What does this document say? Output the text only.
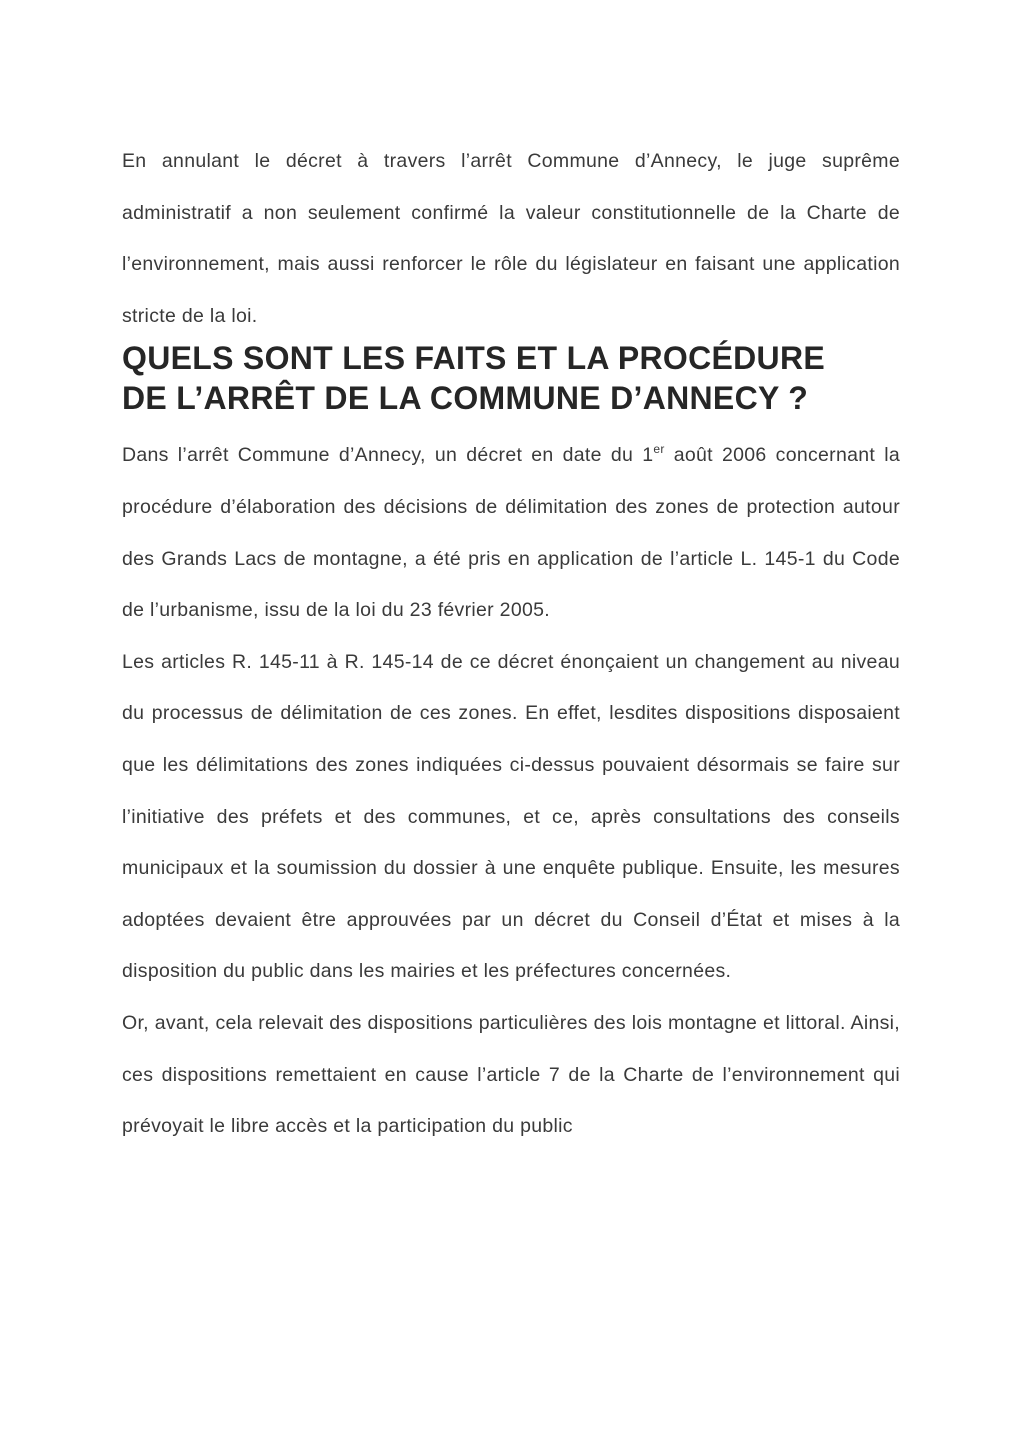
En annulant le décret à travers l’arrêt Commune d’Annecy, le juge suprême administratif a non seulement confirmé la valeur constitutionnelle de la Charte de l’environnement, mais aussi renforcer le rôle du législateur en faisant une application stricte de la loi.

QUELS SONT LES FAITS ET LA PROCÉDURE
DE L’ARRÊT DE LA COMMUNE D’ANNECY ?

Dans l’arrêt Commune d’Annecy, un décret en date du 1er août 2006 concernant la procédure d’élaboration des décisions de délimitation des zones de protection autour des Grands Lacs de montagne, a été pris en application de l’article L. 145-1 du Code de l’urbanisme, issu de la loi du 23 février 2005.

Les articles R. 145-11 à R. 145-14 de ce décret énonçaient un changement au niveau du processus de délimitation de ces zones. En effet, lesdites dispositions disposaient que les délimitations des zones indiquées ci-dessus pouvaient désormais se faire sur l’initiative des préfets et des communes, et ce, après consultations des conseils municipaux et la soumission du dossier à une enquête publique. Ensuite, les mesures adoptées devaient être approuvées par un décret du Conseil d’État et mises à la disposition du public dans les mairies et les préfectures concernées.

Or, avant, cela relevait des dispositions particulières des lois montagne et littoral. Ainsi, ces dispositions remettaient en cause l’article 7 de la Charte de l’environnement qui prévoyait le libre accès et la participation du public
